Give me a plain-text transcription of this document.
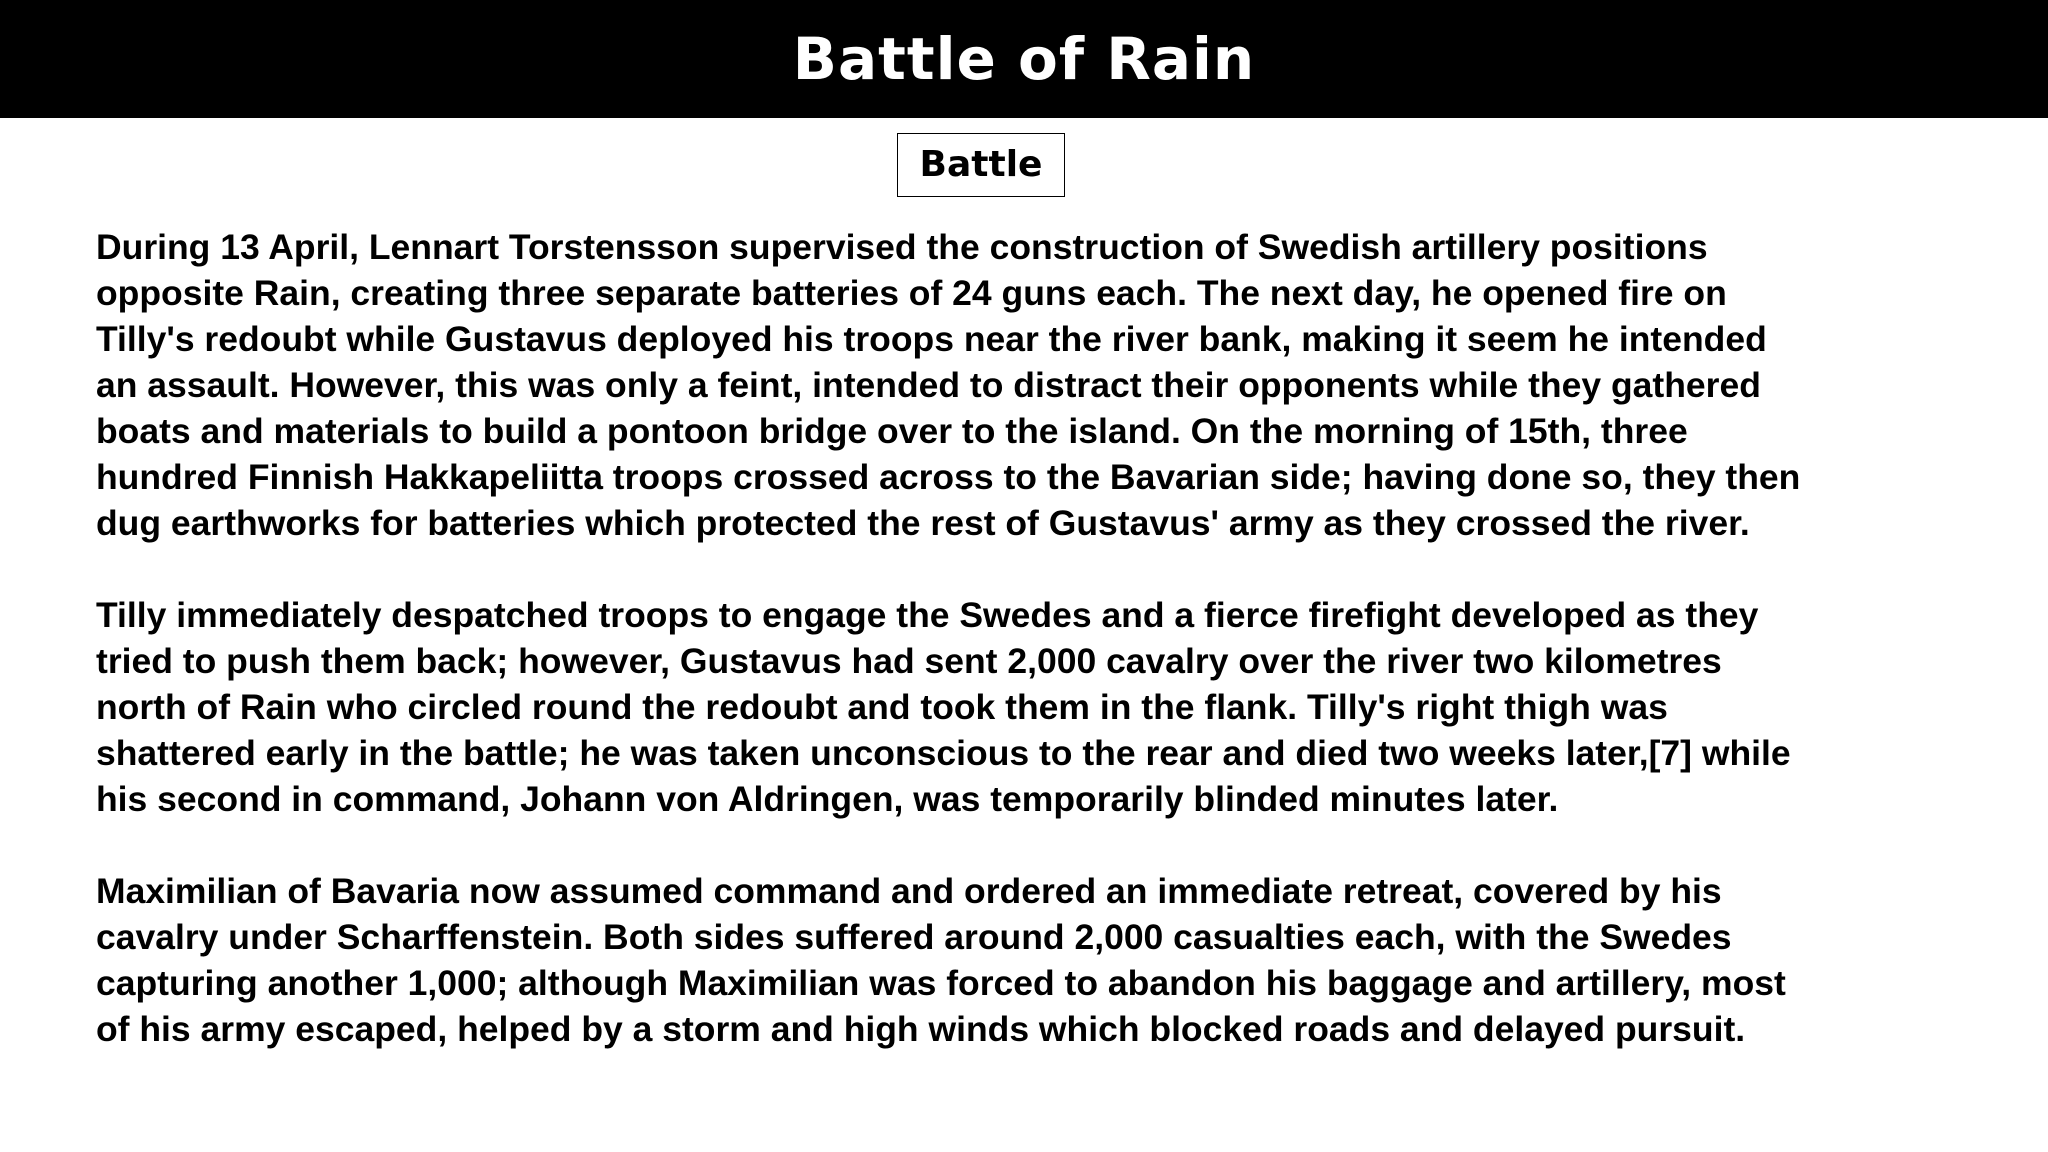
Battle of Rain
Battle
During 13 April, Lennart Torstensson supervised the construction of Swedish artillery positions
opposite Rain, creating three separate batteries of 24 guns each. The next day, he opened fire on
Tilly's redoubt while Gustavus deployed his troops near the river bank, making it seem he intended
an assault. However, this was only a feint, intended to distract their opponents while they gathered
boats and materials to build a pontoon bridge over to the island. On the morning of 15th, three
hundred Finnish Hakkapeliitta troops crossed across to the Bavarian side; having done so, they then
dug earthworks for batteries which protected the rest of Gustavus' army as they crossed the river.
Tilly immediately despatched troops to engage the Swedes and a fierce firefight developed as they
tried to push them back; however, Gustavus had sent 2,000 cavalry over the river two kilometres
north of Rain who circled round the redoubt and took them in the flank. Tilly's right thigh was
shattered early in the battle; he was taken unconscious to the rear and died two weeks later,[7] while
his second in command, Johann von Aldringen, was temporarily blinded minutes later.
Maximilian of Bavaria now assumed command and ordered an immediate retreat, covered by his
cavalry under Scharffenstein. Both sides suffered around 2,000 casualties each, with the Swedes
capturing another 1,000; although Maximilian was forced to abandon his baggage and artillery, most
of his army escaped, helped by a storm and high winds which blocked roads and delayed pursuit.
